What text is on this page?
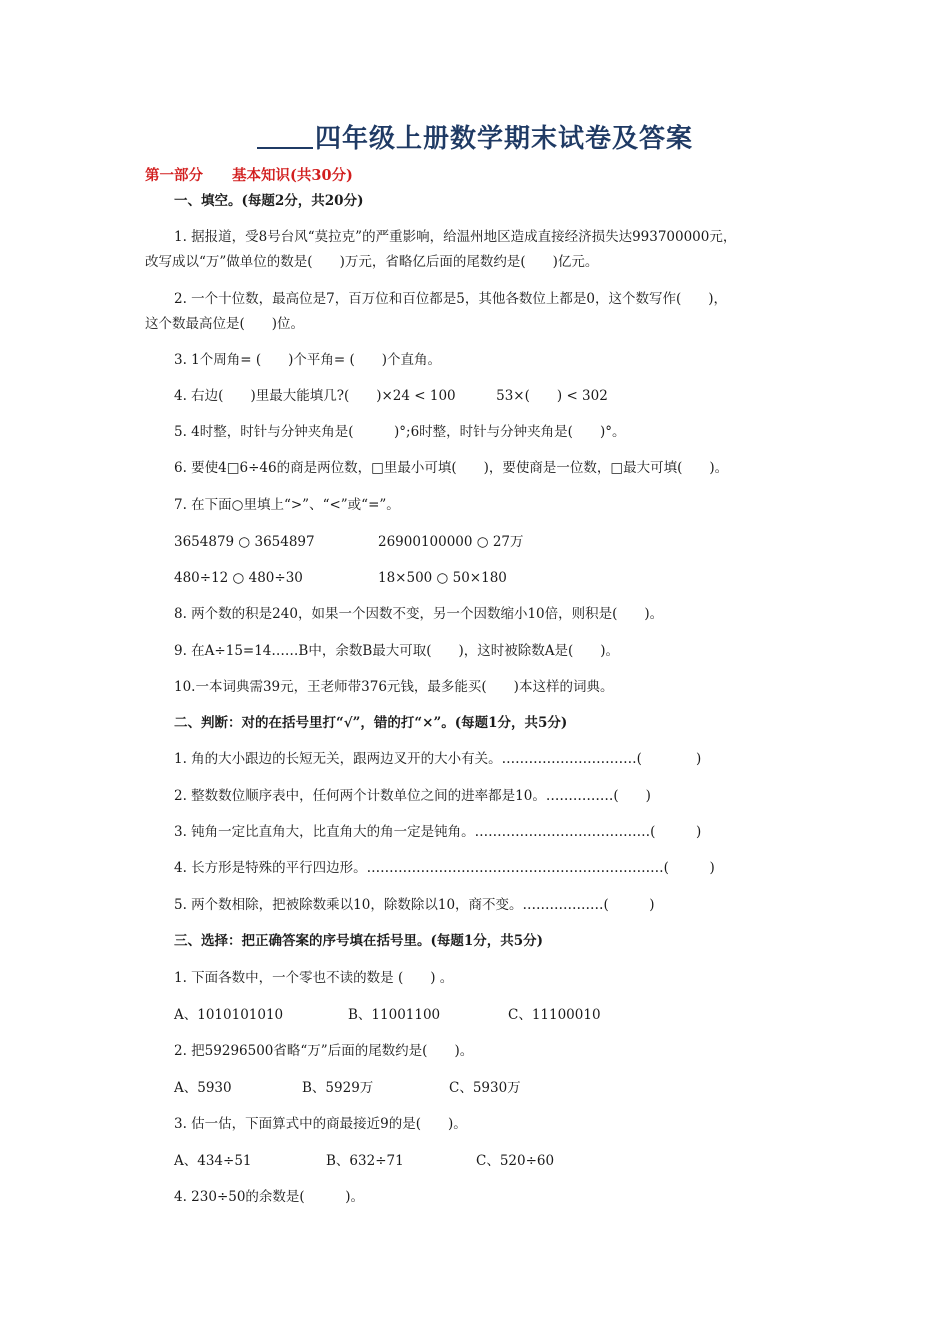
四年级上册数学期末试卷及答案
第一部分　　基本知识(共30分)
一、填空。(每题2分，共20分)
1. 据报道，受8号台风“莫拉克”的严重影响，给温州地区造成直接经济损失达993700000元，
改写成以“万”做单位的数是(　　)万元，省略亿后面的尾数约是(　　)亿元。
2. 一个十位数，最高位是7，百万位和百位都是5，其他各数位上都是0，这个数写作(　　)，
这个数最高位是(　　)位。
3. 1个周角= (　　)个平角= (　　)个直角。
4. 右边(　　)里最大能填几?(　　)×24 < 100　　　53×(　　) < 302
5. 4时整，时针与分钟夹角是(　　　)°;6时整，时针与分钟夹角是(　　)°。
6. 要使4□6÷46的商是两位数，□里最小可填(　　)，要使商是一位数，□最大可填(　　)。
7. 在下面○里填上“>”、“<”或“=”。
3654879 ○ 3654897	26900100000 ○ 27万
480÷12 ○ 480÷30	18×500 ○ 50×180
8. 两个数的积是240，如果一个因数不变，另一个因数缩小10倍，则积是(　　)。
9. 在A÷15=14……B中，余数B最大可取(　　)，这时被除数A是(　　)。
10.一本词典需39元，王老师带376元钱，最多能买(　　)本这样的词典。
二、判断：对的在括号里打“√”，错的打“×”。(每题1分，共5分)
1. 角的大小跟边的长短无关，跟两边叉开的大小有关。…………………………(　　　　)
2. 整数数位顺序表中，任何两个计数单位之间的进率都是10。……………(　　)
3. 钝角一定比直角大，比直角大的角一定是钝角。…………………………………(　　　)
4. 长方形是特殊的平行四边形。…………………………………………………………(　　　)
5. 两个数相除，把被除数乘以10，除数除以10，商不变。………………(　　　)
三、选择：把正确答案的序号填在括号里。(每题1分，共5分)
1. 下面各数中，一个零也不读的数是 (　　) 。
A、1010101010	B、11001100	C、11100010
2. 把59296500省略“万”后面的尾数约是(　　)。
A、5930	B、5929万	C、5930万
3. 估一估，下面算式中的商最接近9的是(　　)。
A、434÷51	B、632÷71	C、520÷60
4. 230÷50的余数是(　　　)。
